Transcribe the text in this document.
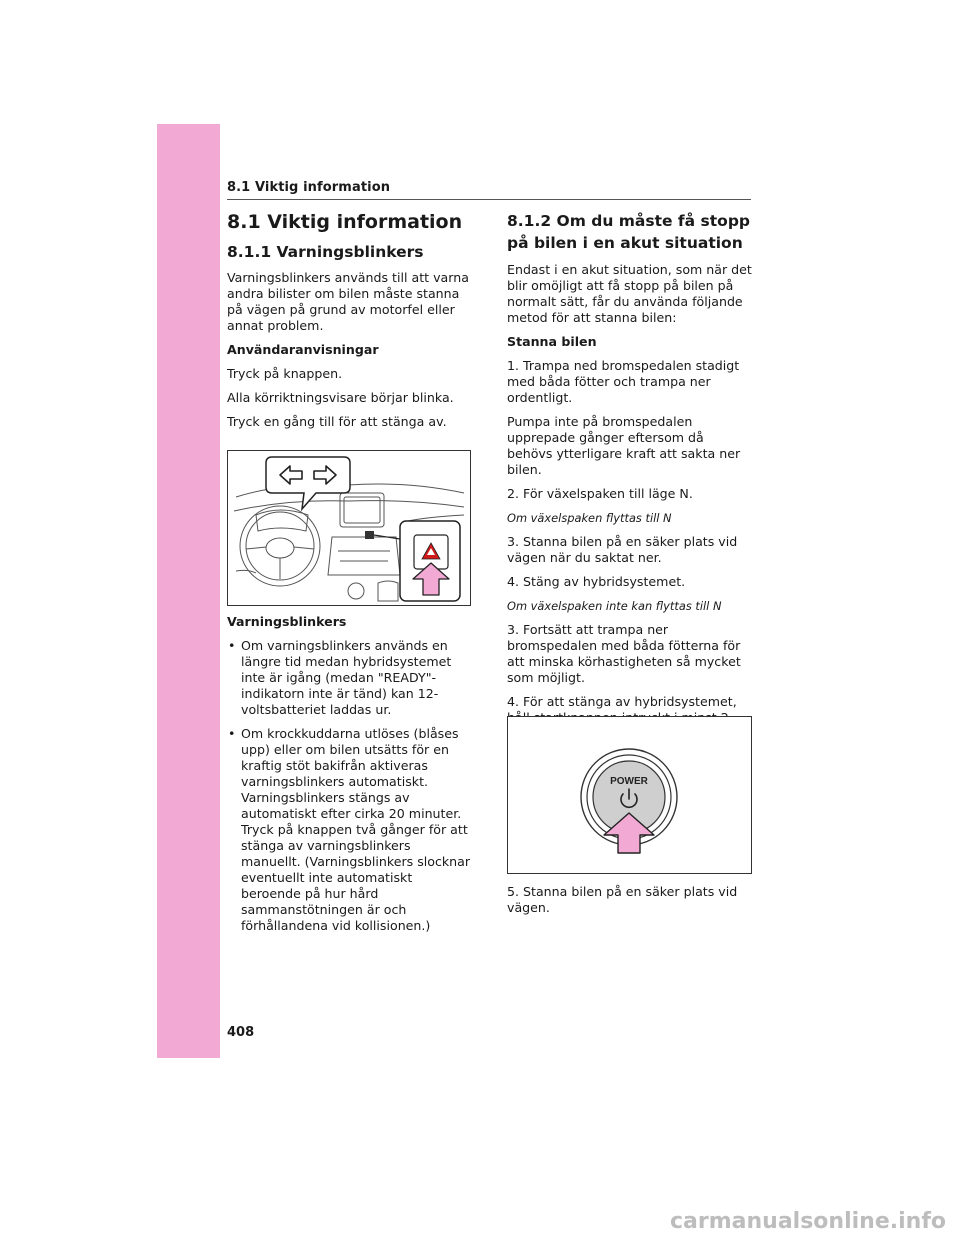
8.1 Viktig information
8.1 Viktig information
8.1.1 Varningsblinkers

Varningsblinkers används till att varna andra bilister om bilen måste stanna på vägen på grund av motorfel eller annat problem.

Användaranvisningar

Tryck på knappen.

Alla körriktningsvisare börjar blinka.

Tryck en gång till för att stänga av.

Varningsblinkers

• Om varningsblinkers används en längre tid medan hybridsystemet inte är igång (medan "READY"-indikatorn inte är tänd) kan 12-voltsbatteriet laddas ur.
• Om krockkuddarna utlöses (blåses upp) eller om bilen utsätts för en kraftig stöt bakifrån aktiveras varningsblinkers automatiskt. Varningsblinkers stängs av automatiskt efter cirka 20 minuter. Tryck på knappen två gånger för att stänga av varningsblinkers manuellt. (Varningsblinkers slocknar eventuellt inte automatiskt beroende på hur hård sammanstötningen är och förhållandena vid kollisionen.)
8.1.2 Om du måste få stopp på bilen i en akut situation

Endast i en akut situation, som när det blir omöjligt att få stopp på bilen på normalt sätt, får du använda följande metod för att stanna bilen:

Stanna bilen

1. Trampa ned bromspedalen stadigt med båda fötter och trampa ner ordentligt.

Pumpa inte på bromspedalen upprepade gånger eftersom då behövs ytterligare kraft att sakta ner bilen.

2. För växelspaken till läge N.

Om växelspaken flyttas till N

3. Stanna bilen på en säker plats vid vägen när du saktat ner.

4. Stäng av hybridsystemet.

Om växelspaken inte kan flyttas till N

3. Fortsätt att trampa ner bromspedalen med båda fötterna för att minska körhastigheten så mycket som möjligt.

4. För att stänga av hybridsystemet,

POWER

5. Stanna bilen på en säker plats vid vägen.

408
carmanualsonline.info
